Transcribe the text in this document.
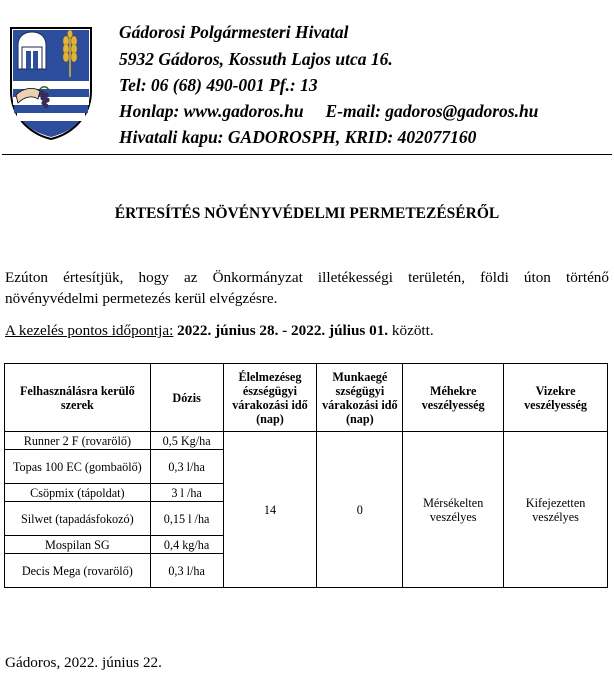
Gádorosi Polgármesteri Hivatal
5932 Gádoros, Kossuth Lajos utca 16.
Tel: 06 (68) 490-001 Pf.: 13
Honlap: www.gadoros.hu     E-mail: gadoros@gadoros.hu
Hivatali kapu: GADOROSPH, KRID: 402077160
ÉRTESÍTÉS NÖVÉNYVÉDELMI PERMETEZÉSÉRŐL
Ezúton értesítjük, hogy az Önkormányzat illetékességi területén, földi úton történő
növényvédelmi permetezés kerül elvégzésre.
A kezelés pontos időpontja: 2022. június 28. - 2022. július 01. között.
Felhasználásra kerülő szerek	Dózis	Élelmezéseg észségügyi várakozási idő (nap)	Munkaegé szségügyi várakozási idő (nap)	Méhekre veszélyesség	Vizekre veszélyesség
Runner 2 F (rovarölő)	0,5 Kg/ha	14	0	Mérsékelten veszélyes	Kifejezetten veszélyes
Topas 100 EC (gombaölő)	0,3 l/ha				
Csöpmix (tápoldat)	3 l /ha				
Silwet (tapadásfokozó)	0,15 l /ha				
Mospilan SG	0,4 kg/ha				
Decis Mega (rovarölő)	0,3 l/ha				
Gádoros, 2022. június 22.
